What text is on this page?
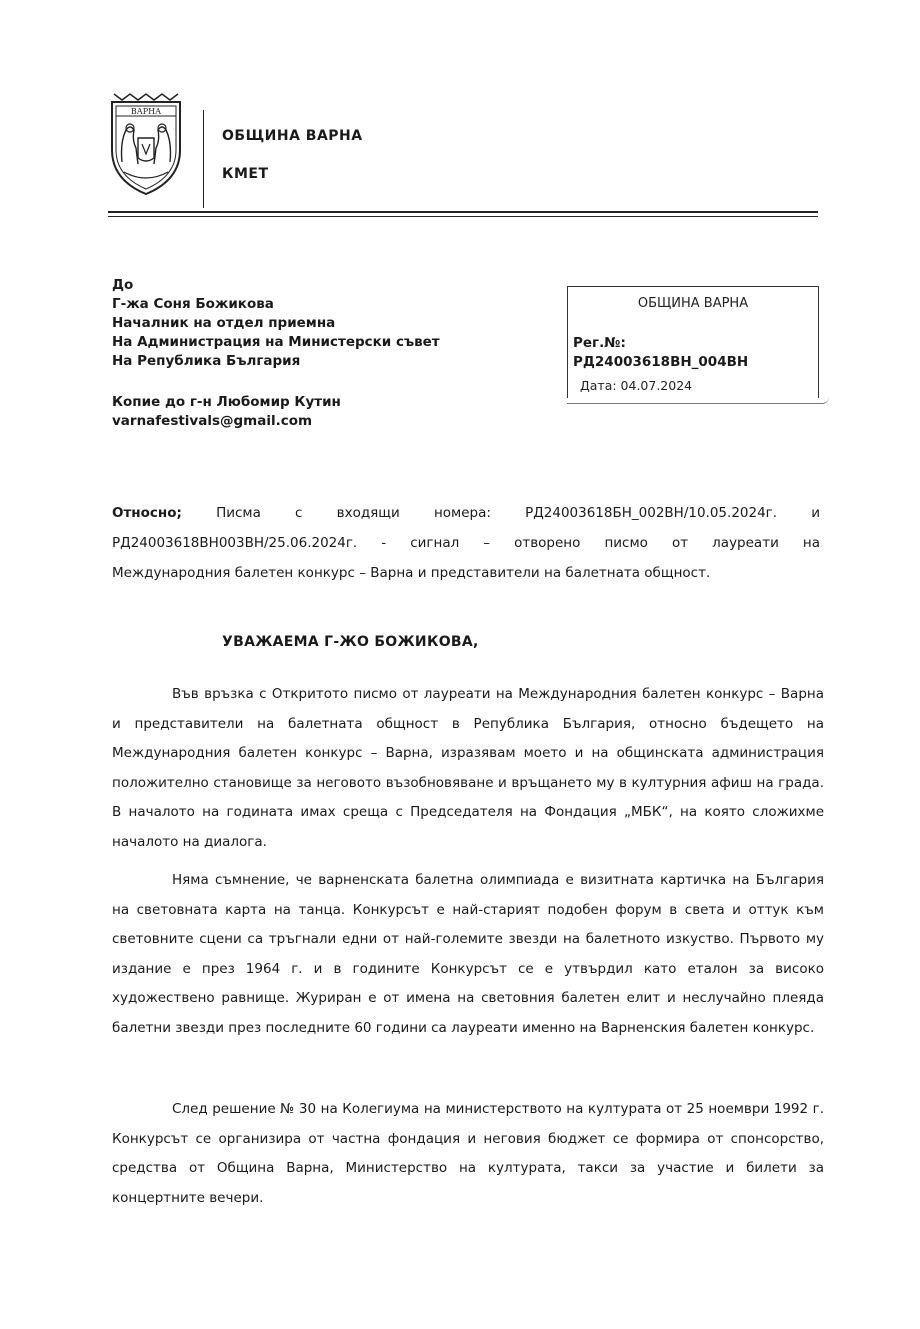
ВАРНА
ОБЩИНА ВАРНА
КМЕТ
До
Г-жа Соня Божикова
Началник на отдел приемна
На Администрация на Министерски съвет
На Република България
Копие до г-н Любомир Кутин
varnafestivals@gmail.com
ОБЩИНА ВАРНА
Рег.№:
РД24003618ВН_004ВН
Дата: 04.07.2024
Относно;	Писма с входящи номера: РД24003618БН_002ВН/10.05.2024г. и
РД24003618ВН003ВН/25.06.2024г. - сигнал – отворено писмо от лауреати на
Международния балетен конкурс – Варна и представители на балетната общност.
УВАЖАЕМА Г-ЖО БОЖИКОВА,
Във връзка с Откритото писмо от лауреати на Международния балетен конкурс – Варна и представители на балетната общност в Република България, относно бъдещето на Международния балетен конкурс – Варна, изразявам моето и на общинската администрация положително становище за неговото възобновяване и връщането му в културния афиш на града. В началото на годината имах среща с Председателя на Фондация „МБК“, на която сложихме началото на диалога.
Няма съмнение, че варненската балетна олимпиада е визитната картичка на България на световната карта на танца. Конкурсът е най-старият подобен форум в света и оттук към световните сцени са тръгнали едни от най-големите звезди на балетното изкуство. Първото му издание е през 1964 г. и в годините Конкурсът се е утвърдил като еталон за високо художествено равнище. Журиран е от имена на световния балетен елит и неслучайно плеяда балетни звезди през последните 60 години са лауреати именно на Варненския балетен конкурс.
След решение № 30 на Колегиума на министерството на културата от 25 ноември 1992 г. Конкурсът се организира от частна фондация и неговия бюджет се формира от спонсорство, средства от Община Варна, Министерство на културата, такси за участие и билети за концертните вечери.
